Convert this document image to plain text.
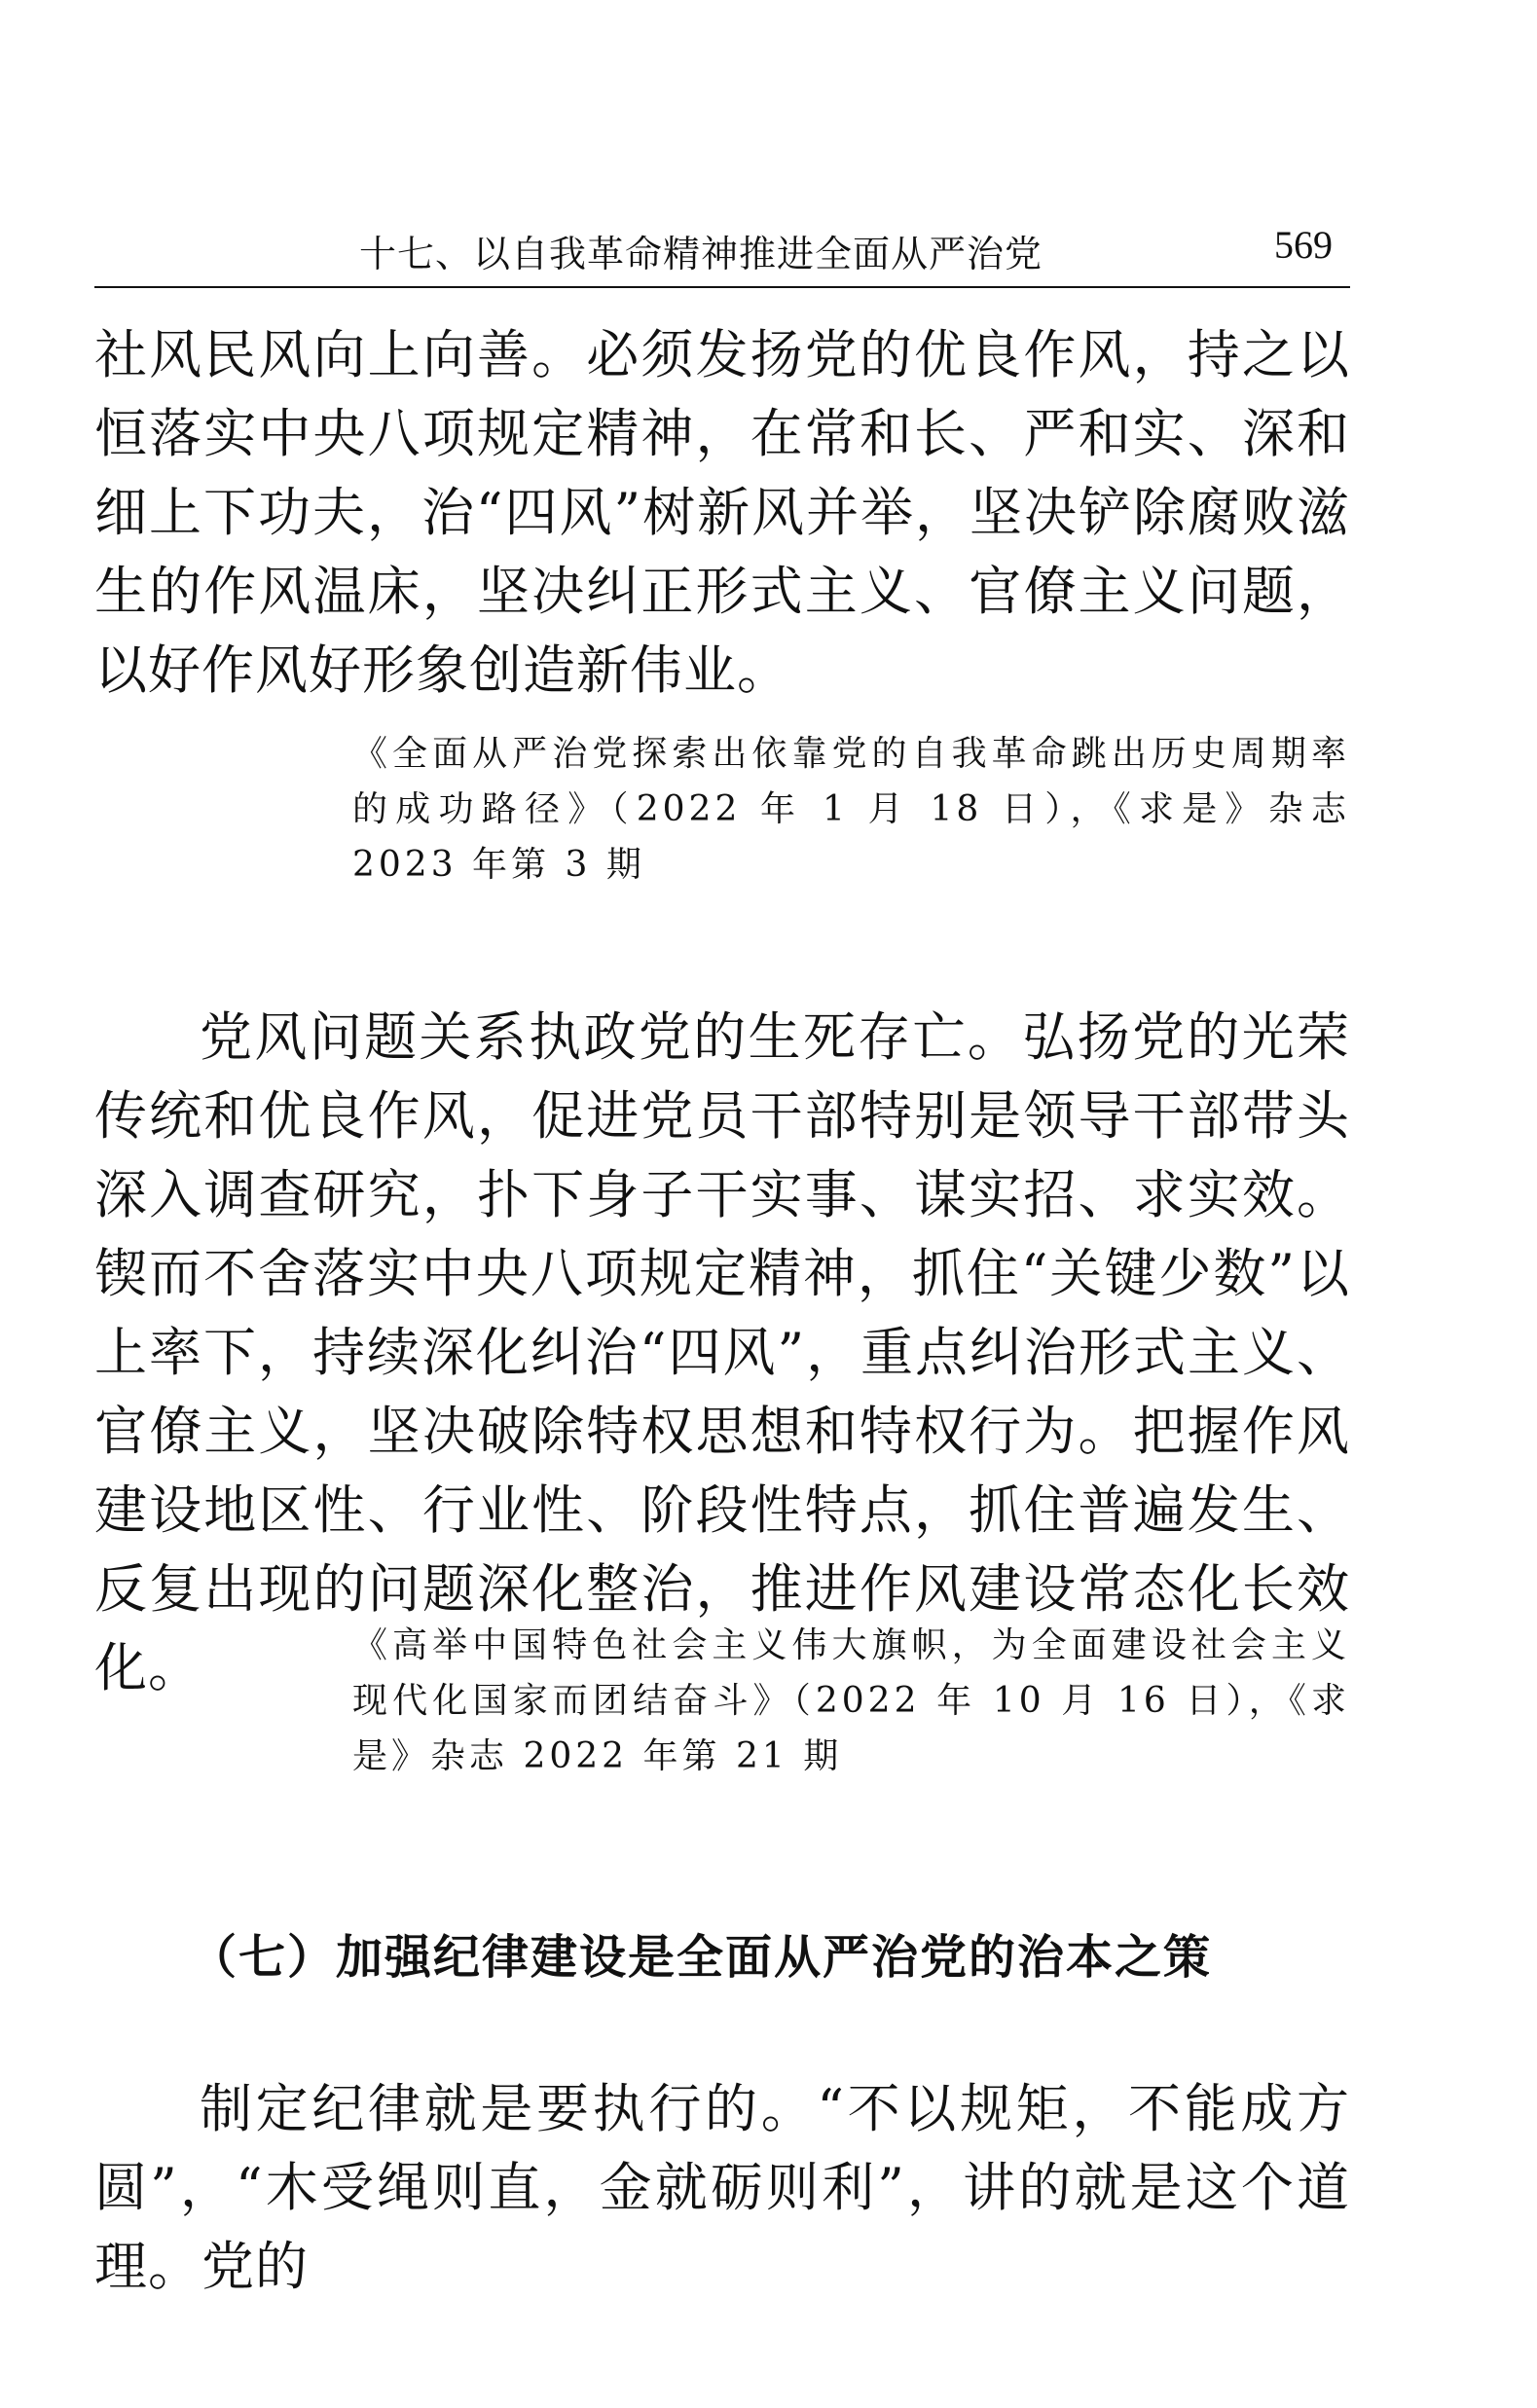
十七、以自我革命精神推进全面从严治党	569

社风民风向上向善。必须发扬党的优良作风，持之以恒落实中央八项规定精神，在常和长、严和实、深和细上下功夫，治“四风”树新风并举，坚决铲除腐败滋生的作风温床，坚决纠正形式主义、官僚主义问题，以好作风好形象创造新伟业。

《全面从严治党探索出依靠党的自我革命跳出历史周期率的成功路径》（2022 年 1 月 18 日），《求是》杂志 2023 年第 3 期

党风问题关系执政党的生死存亡。弘扬党的光荣传统和优良作风，促进党员干部特别是领导干部带头深入调查研究，扑下身子干实事、谋实招、求实效。锲而不舍落实中央八项规定精神，抓住“关键少数”以上率下，持续深化纠治“四风”，重点纠治形式主义、官僚主义，坚决破除特权思想和特权行为。把握作风建设地区性、行业性、阶段性特点，抓住普遍发生、反复出现的问题深化整治，推进作风建设常态化长效化。	《高举中国特色社会主义伟大旗帜，为全面建设社会主义现代化国家而团结奋斗》（2022 年 10 月 16 日），《求是》杂志 2022 年第 21 期

（七）加强纪律建设是全面从严治党的治本之策

制定纪律就是要执行的。“不以规矩，不能成方圆”，“木受绳则直，金就砺则利”，讲的就是这个道理。党的
